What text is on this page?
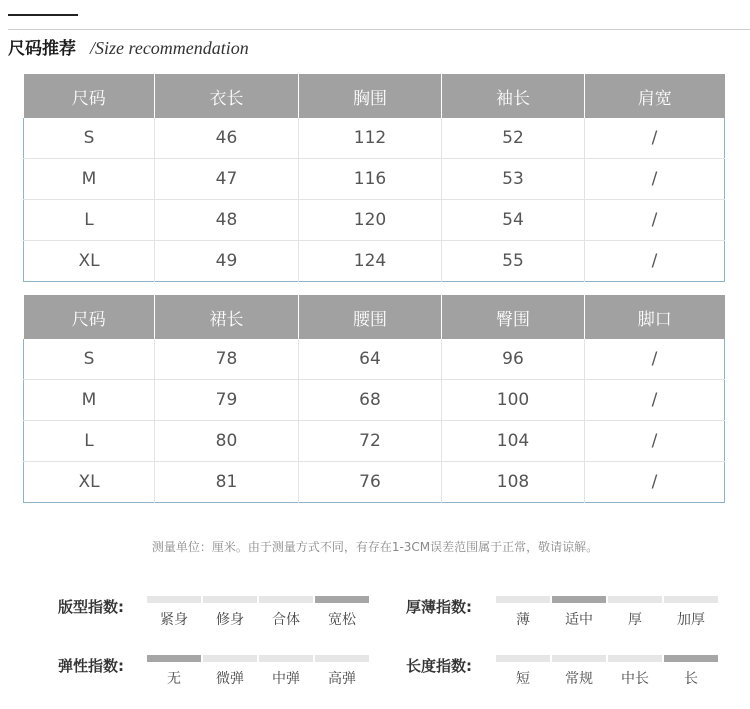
尺码推荐 /Size recommendation
尺码	衣长	胸围	袖长	肩宽
S	46	112	52	/
M	47	116	53	/
L	48	120	54	/
XL	49	124	55	/
尺码	裙长	腰围	臀围	脚口
S	78	64	96	/
M	79	68	100	/
L	80	72	104	/
XL	81	76	108	/
测量单位：厘米。由于测量方式不同，有存在1-3CM误差范围属于正常，敬请谅解。
版型指数:
紧身	修身	合体	宽松
厚薄指数:
薄	适中	厚	加厚
弹性指数:
无	微弹	中弹	高弹
长度指数:
短	常规	中长	长
